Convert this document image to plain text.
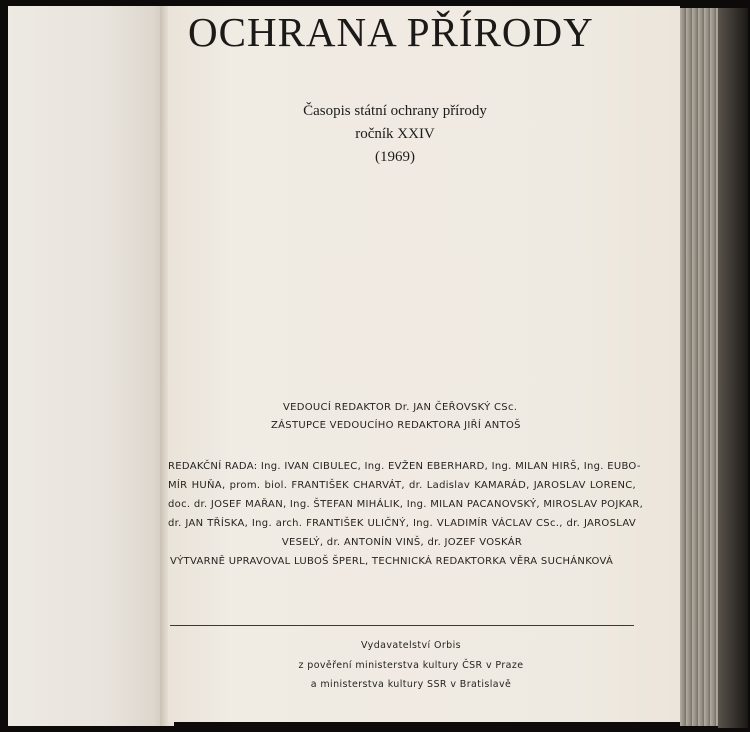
OCHRANA PŘÍRODY
Časopis státní ochrany přírody
ročník XXIV
(1969)
VEDOUCÍ REDAKTOR Dr. JAN ČEŘOVSKÝ CSc.
ZÁSTUPCE VEDOUCÍHO REDAKTORA JIŘÍ ANTOŠ
REDAKČNÍ RADA: Ing. IVAN CIBULEC, Ing. EVŽEN EBERHARD, Ing. MILAN HIRŠ, Ing. EUBO-
MÍR HUŇA, prom. biol. FRANTIŠEK CHARVÁT, dr. Ladislav KAMARÁD, JAROSLAV LORENC,
doc. dr. JOSEF MAŘAN, Ing. ŠTEFAN MIHÁLIK, Ing. MILAN PACANOVSKÝ, MIROSLAV POJKAR,
dr. JAN TŘÍSKA, Ing. arch. FRANTIŠEK ULIČNÝ, Ing. VLADIMÍR VÁCLAV CSc., dr. JAROSLAV
VESELÝ, dr. ANTONÍN VINŠ, dr. JOZEF VOSKÁR
VÝTVARNĚ UPRAVOVAL LUBOŠ ŠPERL, TECHNICKÁ REDAKTORKA VĚRA SUCHÁNKOVÁ
Vydavatelství Orbis
z pověření ministerstva kultury ČSR v Praze
a ministerstva kultury SSR v Bratislavě
